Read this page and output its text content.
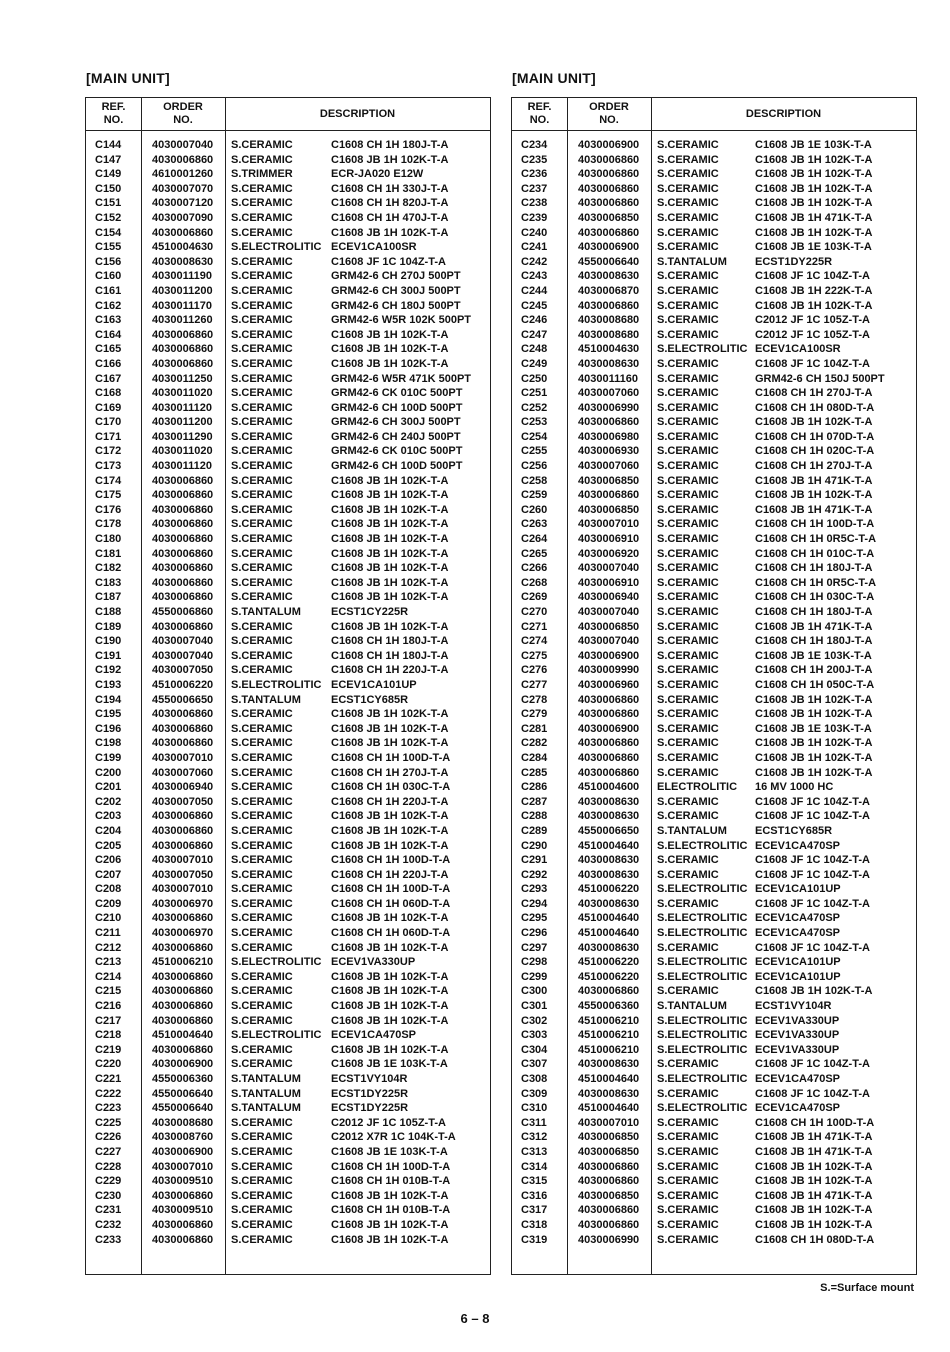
[MAIN UNIT]	[MAIN UNIT]
REF.
NO.	ORDER
NO.	DESCRIPTION	

C144	4030007040	S.CERAMIC	C1608 CH 1H 180J-T-A
C147	4030006860	S.CERAMIC	C1608 JB 1H 102K-T-A
C149	4610001260	S.TRIMMER	ECR-JA020 E12W
C150	4030007070	S.CERAMIC	C1608 CH 1H 330J-T-A
C151	4030007120	S.CERAMIC	C1608 CH 1H 820J-T-A
C152	4030007090	S.CERAMIC	C1608 CH 1H 470J-T-A
C154	4030006860	S.CERAMIC	C1608 JB 1H 102K-T-A
C155	4510004630	S.ELECTROLITIC	ECEV1CA100SR
C156	4030008630	S.CERAMIC	C1608 JF 1C 104Z-T-A
C160	4030011190	S.CERAMIC	GRM42-6 CH 270J 500PT
C161	4030011200	S.CERAMIC	GRM42-6 CH 300J 500PT
C162	4030011170	S.CERAMIC	GRM42-6 CH 180J 500PT
C163	4030011260	S.CERAMIC	GRM42-6 W5R 102K 500PT
C164	4030006860	S.CERAMIC	C1608 JB 1H 102K-T-A
C165	4030006860	S.CERAMIC	C1608 JB 1H 102K-T-A
C166	4030006860	S.CERAMIC	C1608 JB 1H 102K-T-A
C167	4030011250	S.CERAMIC	GRM42-6 W5R 471K 500PT
C168	4030011020	S.CERAMIC	GRM42-6 CK 010C 500PT
C169	4030011120	S.CERAMIC	GRM42-6 CH 100D 500PT
C170	4030011200	S.CERAMIC	GRM42-6 CH 300J 500PT
C171	4030011290	S.CERAMIC	GRM42-6 CH 240J 500PT
C172	4030011020	S.CERAMIC	GRM42-6 CK 010C 500PT
C173	4030011120	S.CERAMIC	GRM42-6 CH 100D 500PT
C174	4030006860	S.CERAMIC	C1608 JB 1H 102K-T-A
C175	4030006860	S.CERAMIC	C1608 JB 1H 102K-T-A
C176	4030006860	S.CERAMIC	C1608 JB 1H 102K-T-A
C178	4030006860	S.CERAMIC	C1608 JB 1H 102K-T-A
C180	4030006860	S.CERAMIC	C1608 JB 1H 102K-T-A
C181	4030006860	S.CERAMIC	C1608 JB 1H 102K-T-A
C182	4030006860	S.CERAMIC	C1608 JB 1H 102K-T-A
C183	4030006860	S.CERAMIC	C1608 JB 1H 102K-T-A
C187	4030006860	S.CERAMIC	C1608 JB 1H 102K-T-A
C188	4550006860	S.TANTALUM	ECST1CY225R
C189	4030006860	S.CERAMIC	C1608 JB 1H 102K-T-A
C190	4030007040	S.CERAMIC	C1608 CH 1H 180J-T-A
C191	4030007040	S.CERAMIC	C1608 CH 1H 180J-T-A
C192	4030007050	S.CERAMIC	C1608 CH 1H 220J-T-A
C193	4510006220	S.ELECTROLITIC	ECEV1CA101UP
C194	4550006650	S.TANTALUM	ECST1CY685R
C195	4030006860	S.CERAMIC	C1608 JB 1H 102K-T-A
C196	4030006860	S.CERAMIC	C1608 JB 1H 102K-T-A
C198	4030006860	S.CERAMIC	C1608 JB 1H 102K-T-A
C199	4030007010	S.CERAMIC	C1608 CH 1H 100D-T-A
C200	4030007060	S.CERAMIC	C1608 CH 1H 270J-T-A
C201	4030006940	S.CERAMIC	C1608 CH 1H 030C-T-A
C202	4030007050	S.CERAMIC	C1608 CH 1H 220J-T-A
C203	4030006860	S.CERAMIC	C1608 JB 1H 102K-T-A
C204	4030006860	S.CERAMIC	C1608 JB 1H 102K-T-A
C205	4030006860	S.CERAMIC	C1608 JB 1H 102K-T-A
C206	4030007010	S.CERAMIC	C1608 CH 1H 100D-T-A
C207	4030007050	S.CERAMIC	C1608 CH 1H 220J-T-A
C208	4030007010	S.CERAMIC	C1608 CH 1H 100D-T-A
C209	4030006970	S.CERAMIC	C1608 CH 1H 060D-T-A
C210	4030006860	S.CERAMIC	C1608 JB 1H 102K-T-A
C211	4030006970	S.CERAMIC	C1608 CH 1H 060D-T-A
C212	4030006860	S.CERAMIC	C1608 JB 1H 102K-T-A
C213	4510006210	S.ELECTROLITIC	ECEV1VA330UP
C214	4030006860	S.CERAMIC	C1608 JB 1H 102K-T-A
C215	4030006860	S.CERAMIC	C1608 JB 1H 102K-T-A
C216	4030006860	S.CERAMIC	C1608 JB 1H 102K-T-A
C217	4030006860	S.CERAMIC	C1608 JB 1H 102K-T-A
C218	4510004640	S.ELECTROLITIC	ECEV1CA470SP
C219	4030006860	S.CERAMIC	C1608 JB 1H 102K-T-A
C220	4030006900	S.CERAMIC	C1608 JB 1E 103K-T-A
C221	4550006360	S.TANTALUM	ECST1VY104R
C222	4550006640	S.TANTALUM	ECST1DY225R
C223	4550006640	S.TANTALUM	ECST1DY225R
C225	4030008680	S.CERAMIC	C2012 JF 1C 105Z-T-A
C226	4030008760	S.CERAMIC	C2012 X7R 1C 104K-T-A
C227	4030006900	S.CERAMIC	C1608 JB 1E 103K-T-A
C228	4030007010	S.CERAMIC	C1608 CH 1H 100D-T-A
C229	4030009510	S.CERAMIC	C1608 CH 1H 010B-T-A
C230	4030006860	S.CERAMIC	C1608 JB 1H 102K-T-A
C231	4030009510	S.CERAMIC	C1608 CH 1H 010B-T-A
C232	4030006860	S.CERAMIC	C1608 JB 1H 102K-T-A
C233	4030006860	S.CERAMIC	C1608 JB 1H 102K-T-A
REF.
NO.	ORDER
NO.	DESCRIPTION	

C234	4030006900	S.CERAMIC	C1608 JB 1E 103K-T-A
C235	4030006860	S.CERAMIC	C1608 JB 1H 102K-T-A
C236	4030006860	S.CERAMIC	C1608 JB 1H 102K-T-A
C237	4030006860	S.CERAMIC	C1608 JB 1H 102K-T-A
C238	4030006860	S.CERAMIC	C1608 JB 1H 102K-T-A
C239	4030006850	S.CERAMIC	C1608 JB 1H 471K-T-A
C240	4030006860	S.CERAMIC	C1608 JB 1H 102K-T-A
C241	4030006900	S.CERAMIC	C1608 JB 1E 103K-T-A
C242	4550006640	S.TANTALUM	ECST1DY225R
C243	4030008630	S.CERAMIC	C1608 JF 1C 104Z-T-A
C244	4030006870	S.CERAMIC	C1608 JB 1H 222K-T-A
C245	4030006860	S.CERAMIC	C1608 JB 1H 102K-T-A
C246	4030008680	S.CERAMIC	C2012 JF 1C 105Z-T-A
C247	4030008680	S.CERAMIC	C2012 JF 1C 105Z-T-A
C248	4510004630	S.ELECTROLITIC	ECEV1CA100SR
C249	4030008630	S.CERAMIC	C1608 JF 1C 104Z-T-A
C250	4030011160	S.CERAMIC	GRM42-6 CH 150J 500PT
C251	4030007060	S.CERAMIC	C1608 CH 1H 270J-T-A
C252	4030006990	S.CERAMIC	C1608 CH 1H 080D-T-A
C253	4030006860	S.CERAMIC	C1608 JB 1H 102K-T-A
C254	4030006980	S.CERAMIC	C1608 CH 1H 070D-T-A
C255	4030006930	S.CERAMIC	C1608 CH 1H 020C-T-A
C256	4030007060	S.CERAMIC	C1608 CH 1H 270J-T-A
C258	4030006850	S.CERAMIC	C1608 JB 1H 471K-T-A
C259	4030006860	S.CERAMIC	C1608 JB 1H 102K-T-A
C260	4030006850	S.CERAMIC	C1608 JB 1H 471K-T-A
C263	4030007010	S.CERAMIC	C1608 CH 1H 100D-T-A
C264	4030006910	S.CERAMIC	C1608 CH 1H 0R5C-T-A
C265	4030006920	S.CERAMIC	C1608 CH 1H 010C-T-A
C266	4030007040	S.CERAMIC	C1608 CH 1H 180J-T-A
C268	4030006910	S.CERAMIC	C1608 CH 1H 0R5C-T-A
C269	4030006940	S.CERAMIC	C1608 CH 1H 030C-T-A
C270	4030007040	S.CERAMIC	C1608 CH 1H 180J-T-A
C271	4030006850	S.CERAMIC	C1608 JB 1H 471K-T-A
C274	4030007040	S.CERAMIC	C1608 CH 1H 180J-T-A
C275	4030006900	S.CERAMIC	C1608 JB 1E 103K-T-A
C276	4030009990	S.CERAMIC	C1608 CH 1H 200J-T-A
C277	4030006960	S.CERAMIC	C1608 CH 1H 050C-T-A
C278	4030006860	S.CERAMIC	C1608 JB 1H 102K-T-A
C279	4030006860	S.CERAMIC	C1608 JB 1H 102K-T-A
C281	4030006900	S.CERAMIC	C1608 JB 1E 103K-T-A
C282	4030006860	S.CERAMIC	C1608 JB 1H 102K-T-A
C284	4030006860	S.CERAMIC	C1608 JB 1H 102K-T-A
C285	4030006860	S.CERAMIC	C1608 JB 1H 102K-T-A
C286	4510004600	ELECTROLITIC	16 MV 1000 HC
C287	4030008630	S.CERAMIC	C1608 JF 1C 104Z-T-A
C288	4030008630	S.CERAMIC	C1608 JF 1C 104Z-T-A
C289	4550006650	S.TANTALUM	ECST1CY685R
C290	4510004640	S.ELECTROLITIC	ECEV1CA470SP
C291	4030008630	S.CERAMIC	C1608 JF 1C 104Z-T-A
C292	4030008630	S.CERAMIC	C1608 JF 1C 104Z-T-A
C293	4510006220	S.ELECTROLITIC	ECEV1CA101UP
C294	4030008630	S.CERAMIC	C1608 JF 1C 104Z-T-A
C295	4510004640	S.ELECTROLITIC	ECEV1CA470SP
C296	4510004640	S.ELECTROLITIC	ECEV1CA470SP
C297	4030008630	S.CERAMIC	C1608 JF 1C 104Z-T-A
C298	4510006220	S.ELECTROLITIC	ECEV1CA101UP
C299	4510006220	S.ELECTROLITIC	ECEV1CA101UP
C300	4030006860	S.CERAMIC	C1608 JB 1H 102K-T-A
C301	4550006360	S.TANTALUM	ECST1VY104R
C302	4510006210	S.ELECTROLITIC	ECEV1VA330UP
C303	4510006210	S.ELECTROLITIC	ECEV1VA330UP
C304	4510006210	S.ELECTROLITIC	ECEV1VA330UP
C307	4030008630	S.CERAMIC	C1608 JF 1C 104Z-T-A
C308	4510004640	S.ELECTROLITIC	ECEV1CA470SP
C309	4030008630	S.CERAMIC	C1608 JF 1C 104Z-T-A
C310	4510004640	S.ELECTROLITIC	ECEV1CA470SP
C311	4030007010	S.CERAMIC	C1608 CH 1H 100D-T-A
C312	4030006850	S.CERAMIC	C1608 JB 1H 471K-T-A
C313	4030006850	S.CERAMIC	C1608 JB 1H 471K-T-A
C314	4030006860	S.CERAMIC	C1608 JB 1H 102K-T-A
C315	4030006860	S.CERAMIC	C1608 JB 1H 102K-T-A
C316	4030006850	S.CERAMIC	C1608 JB 1H 471K-T-A
C317	4030006860	S.CERAMIC	C1608 JB 1H 102K-T-A
C318	4030006860	S.CERAMIC	C1608 JB 1H 102K-T-A
C319	4030006990	S.CERAMIC	C1608 CH 1H 080D-T-A
S.=Surface mount
6 – 8
